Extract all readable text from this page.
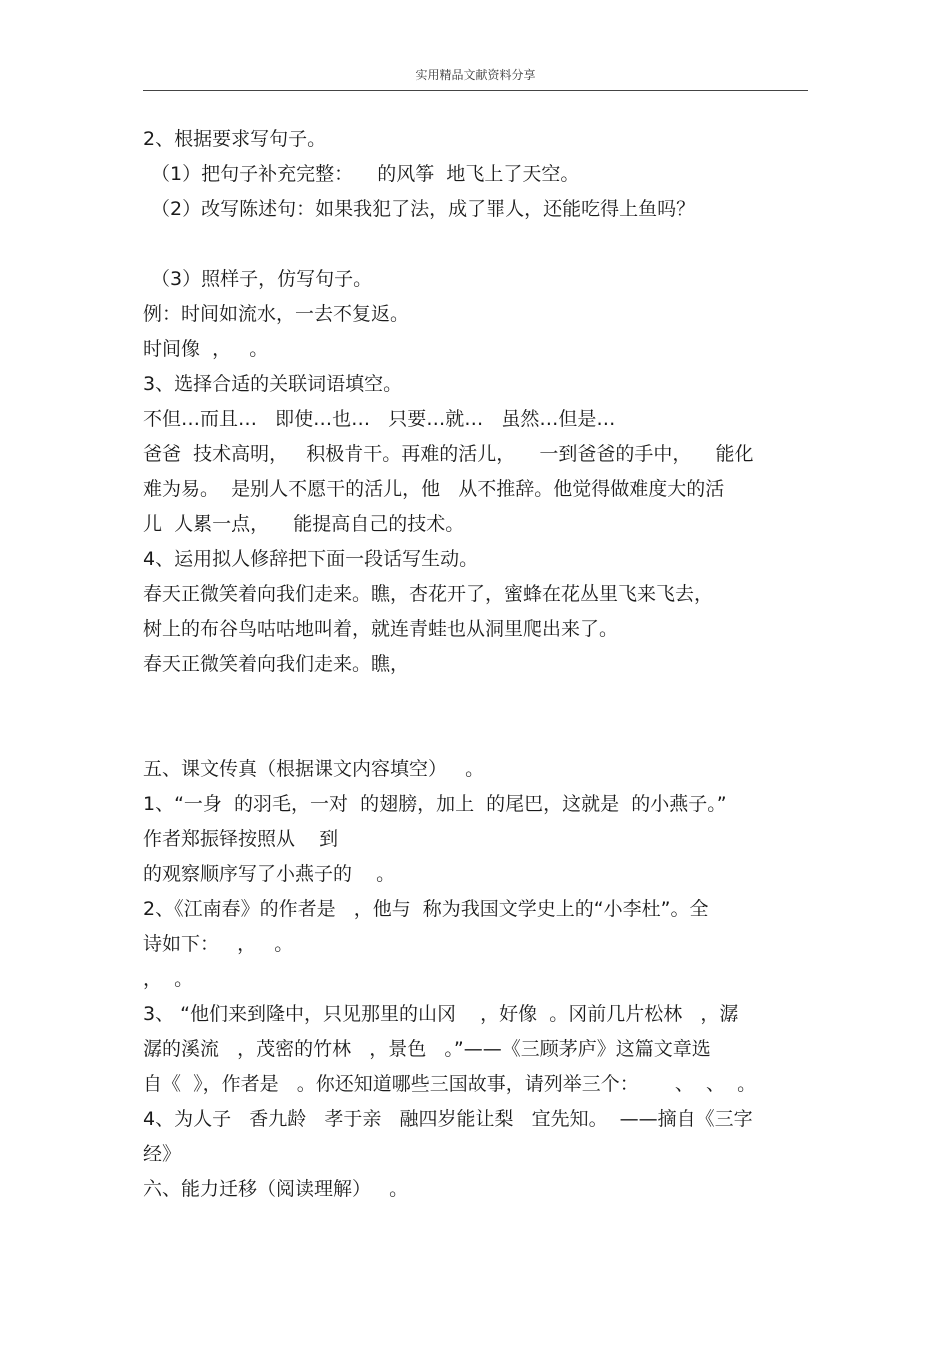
实用精品文献资料分享
2、根据要求写句子。
（1）把句子补充完整：    的风筝  地飞上了天空。
（2）改写陈述句：如果我犯了法，成了罪人，还能吃得上鱼吗？
（3）照样子，仿写句子。
例：时间如流水，一去不复返。
时间像  ，   。
3、选择合适的关联词语填空。
不但…而且…   即使…也…   只要…就…   虽然…但是…
爸爸  技术高明，   积极肯干。再难的活儿，    一到爸爸的手中，    能化
难为易。  是别人不愿干的活儿，他   从不推辞。他觉得做难度大的活
儿  人累一点，    能提高自己的技术。
4、运用拟人修辞把下面一段话写生动。
春天正微笑着向我们走来。瞧，杏花开了，蜜蜂在花丛里飞来飞去，
树上的布谷鸟咕咕地叫着，就连青蛙也从洞里爬出来了。
春天正微笑着向我们走来。瞧，
五、课文传真（根据课文内容填空）   。
1、“一身  的羽毛，一对  的翅膀，加上  的尾巴，这就是  的小燕子。”
作者郑振铎按照从    到
的观察顺序写了小燕子的    。
2、《江南春》的作者是   ，他与  称为我国文学史上的“小李杜”。全
诗如下：   ，   。
，  。
3、 “他们来到隆中，只见那里的山冈    ，好像  。冈前几片松林   ，潺
潺的溪流   ，茂密的竹林   ，景色   。”——《三顾茅庐》这篇文章选
自《  》，作者是   。你还知道哪些三国故事，请列举三个：      、  、  。
4、为人子   香九龄   孝于亲   融四岁能让梨   宜先知。  ——摘自《三字
经》
六、能力迁移（阅读理解）   。
